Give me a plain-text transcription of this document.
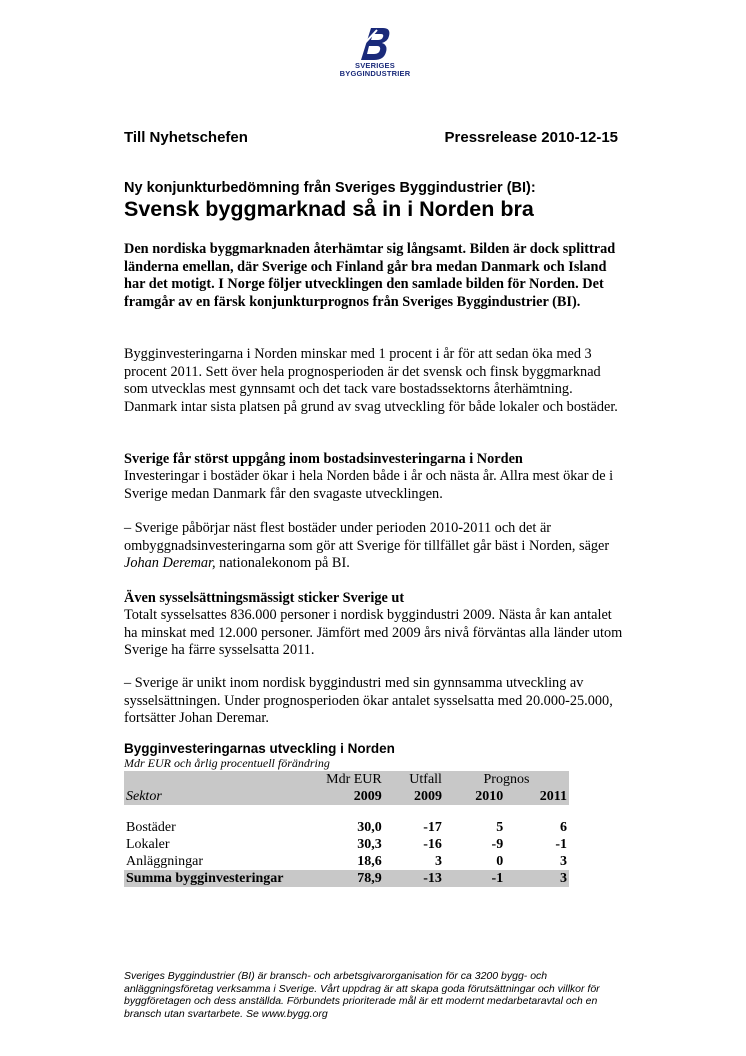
SVERIGES
BYGGINDUSTRIER
Till Nyhetschefen	Pressrelease 2010-12-15
Ny konjunkturbedömning från Sveriges Byggindustrier (BI):
Svensk byggmarknad så in i Norden bra
Den nordiska byggmarknaden återhämtar sig långsamt. Bilden är dock splittrad länderna emellan, där Sverige och Finland går bra medan Danmark och Island har det motigt. I Norge följer utvecklingen den samlade bilden för Norden. Det framgår av en färsk konjunkturprognos från Sveriges Byggindustrier (BI).
Bygginvesteringarna i Norden minskar med 1 procent i år för att sedan öka med 3 procent 2011. Sett över hela prognosperioden är det svensk och finsk byggmarknad som utvecklas mest gynnsamt och det tack vare bostadssektorns återhämtning. Danmark intar sista platsen på grund av svag utveckling för både lokaler och bostäder.
Sverige får störst uppgång inom bostadsinvesteringarna i Norden
Investeringar i bostäder ökar i hela Norden både i år och nästa år. Allra mest ökar de i Sverige medan Danmark får den svagaste utvecklingen.
– Sverige påbörjar näst flest bostäder under perioden 2010-2011 och det är ombyggnadsinvesteringarna som gör att Sverige för tillfället går bäst i Norden, säger Johan Deremar, nationalekonom på BI.
Även sysselsättningsmässigt sticker Sverige ut
Totalt sysselsattes 836.000 personer i nordisk byggindustri 2009. Nästa år kan antalet ha minskat med 12.000 personer. Jämfört med 2009 års nivå förväntas alla länder utom Sverige ha färre sysselsatta 2011.
– Sverige är unikt inom nordisk byggindustri med sin gynnsamma utveckling av sysselsättningen. Under prognosperioden ökar antalet sysselsatta med 20.000-25.000, fortsätter Johan Deremar.
Bygginvesteringarnas utveckling i Norden
Mdr EUR och årlig procentuell förändring
	Mdr EUR	Utfall	Prognos	
Sektor	2009	2009	2010	2011

Bostäder	30,0	-17	5	6
Lokaler	30,3	-16	-9	-1
Anläggningar	18,6	3	0	3
Summa bygginvesteringar	78,9	-13	-1	3
Sveriges Byggindustrier (BI) är bransch- och arbetsgivarorganisation för ca 3200 bygg- och anläggningsföretag verksamma i Sverige. Vårt uppdrag är att skapa goda förutsättningar och villkor för byggföretagen och dess anställda. Förbundets prioriterade mål är ett modernt medarbetaravtal och en bransch utan svartarbete. Se www.bygg.org
